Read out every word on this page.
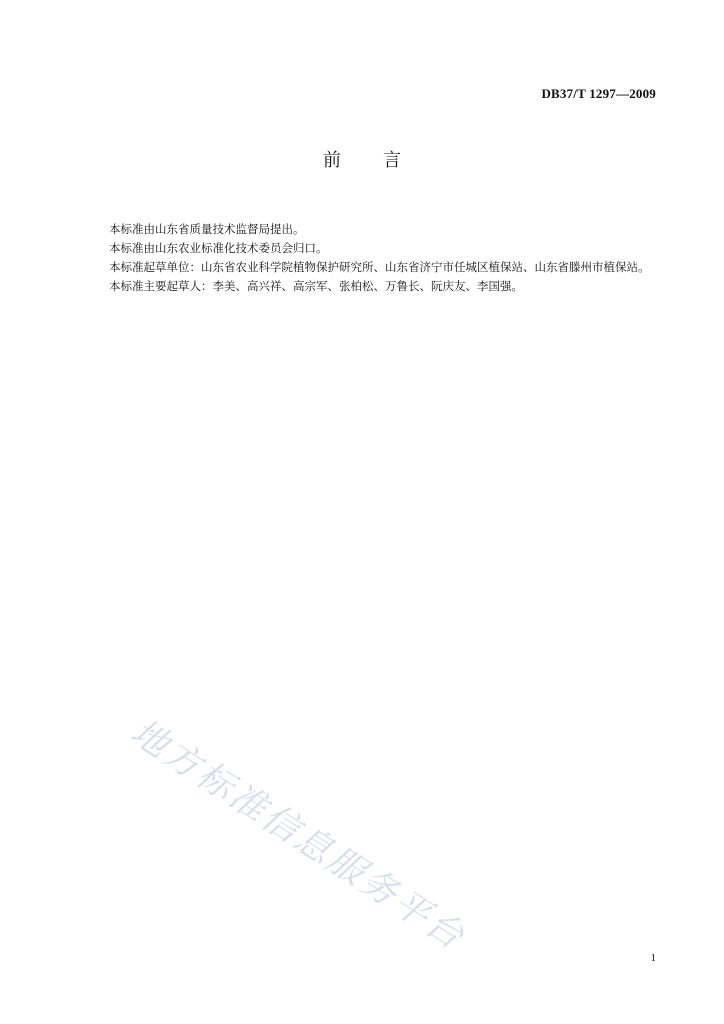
DB37/T 1297—2009
前言

本标准由山东省质量技术监督局提出。

本标准由山东农业标准化技术委员会归口。

本标准起草单位：山东省农业科学院植物保护研究所、山东省济宁市任城区植保站、山东省滕州市植保站。

本标准主要起草人：李美、高兴祥、高宗军、张柏松、万鲁长、阮庆友、李国强。

地方标准信息服务平台	1
